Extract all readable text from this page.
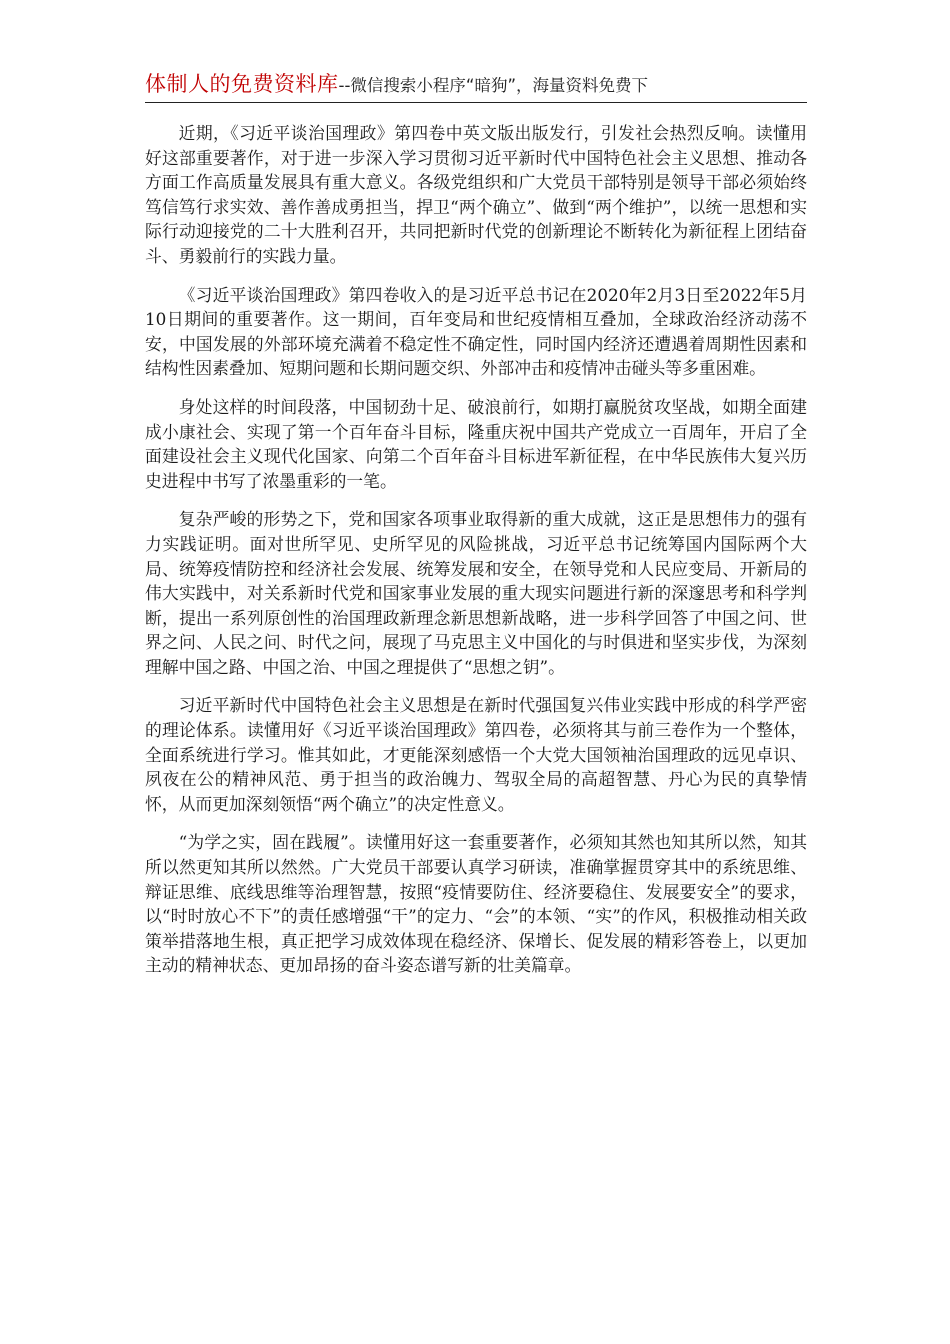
体制人的免费资料库--微信搜索小程序“暗狗”，海量资料免费下

近期，《习近平谈治国理政》第四卷中英文版出版发行，引发社会热烈反响。读懂用好这部重要著作，对于进一步深入学习贯彻习近平新时代中国特色社会主义思想、推动各方面工作高质量发展具有重大意义。各级党组织和广大党员干部特别是领导干部必须始终笃信笃行求实效、善作善成勇担当，捍卫“两个确立”、做到“两个维护”，以统一思想和实际行动迎接党的二十大胜利召开，共同把新时代党的创新理论不断转化为新征程上团结奋斗、勇毅前行的实践力量。

《习近平谈治国理政》第四卷收入的是习近平总书记在2020年2月3日至2022年5月10日期间的重要著作。这一期间，百年变局和世纪疫情相互叠加，全球政治经济动荡不安，中国发展的外部环境充满着不稳定性不确定性，同时国内经济还遭遇着周期性因素和结构性因素叠加、短期问题和长期问题交织、外部冲击和疫情冲击碰头等多重困难。

身处这样的时间段落，中国韧劲十足、破浪前行，如期打赢脱贫攻坚战，如期全面建成小康社会、实现了第一个百年奋斗目标，隆重庆祝中国共产党成立一百周年，开启了全面建设社会主义现代化国家、向第二个百年奋斗目标进军新征程，在中华民族伟大复兴历史进程中书写了浓墨重彩的一笔。

复杂严峻的形势之下，党和国家各项事业取得新的重大成就，这正是思想伟力的强有力实践证明。面对世所罕见、史所罕见的风险挑战，习近平总书记统筹国内国际两个大局、统筹疫情防控和经济社会发展、统筹发展和安全，在领导党和人民应变局、开新局的伟大实践中，对关系新时代党和国家事业发展的重大现实问题进行新的深邃思考和科学判断，提出一系列原创性的治国理政新理念新思想新战略，进一步科学回答了中国之问、世界之问、人民之问、时代之问，展现了马克思主义中国化的与时俱进和坚实步伐，为深刻理解中国之路、中国之治、中国之理提供了“思想之钥”。

习近平新时代中国特色社会主义思想是在新时代强国复兴伟业实践中形成的科学严密的理论体系。读懂用好《习近平谈治国理政》第四卷，必须将其与前三卷作为一个整体，全面系统进行学习。惟其如此，才更能深刻感悟一个大党大国领袖治国理政的远见卓识、夙夜在公的精神风范、勇于担当的政治魄力、驾驭全局的高超智慧、丹心为民的真挚情怀，从而更加深刻领悟“两个确立”的决定性意义。

“为学之实，固在践履”。读懂用好这一套重要著作，必须知其然也知其所以然，知其所以然更知其所以然然。广大党员干部要认真学习研读，准确掌握贯穿其中的系统思维、辩证思维、底线思维等治理智慧，按照“疫情要防住、经济要稳住、发展要安全”的要求，以“时时放心不下”的责任感增强“干”的定力、“会”的本领、“实”的作风，积极推动相关政策举措落地生根，真正把学习成效体现在稳经济、保增长、促发展的精彩答卷上，以更加主动的精神状态、更加昂扬的奋斗姿态谱写新的壮美篇章。
